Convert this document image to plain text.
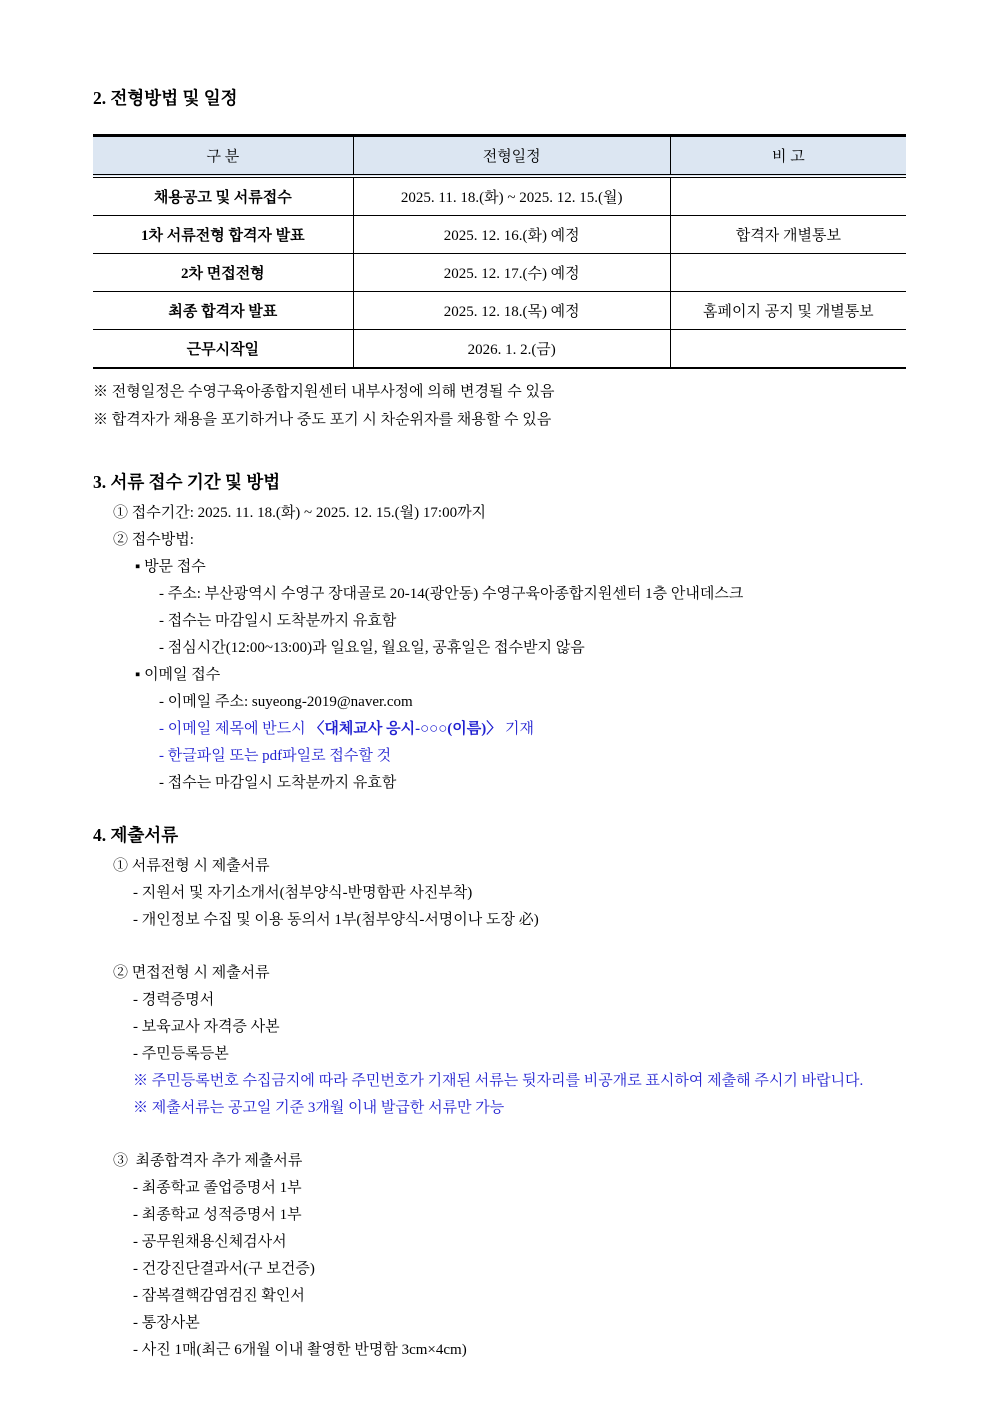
2. 전형방법 및 일정
구 분	전형일정	비 고
채용공고 및 서류접수	2025. 11. 18.(화) ~ 2025. 12. 15.(월)	
1차 서류전형 합격자 발표	2025. 12. 16.(화) 예정	합격자 개별통보
2차 면접전형	2025. 12. 17.(수) 예정	
최종 합격자 발표	2025. 12. 18.(목) 예정	홈페이지 공지 및 개별통보
근무시작일	2026. 1. 2.(금)	
※ 전형일정은 수영구육아종합지원센터 내부사정에 의해 변경될 수 있음
※ 합격자가 채용을 포기하거나 중도 포기 시 차순위자를 채용할 수 있음
3. 서류 접수 기간 및 방법
① 접수기간: 2025. 11. 18.(화) ~ 2025. 12. 15.(월) 17:00까지
② 접수방법:
▪ 방문 접수
- 주소: 부산광역시 수영구 장대골로 20-14(광안동) 수영구육아종합지원센터 1층 안내데스크
- 접수는 마감일시 도착분까지 유효함
- 점심시간(12:00~13:00)과 일요일, 월요일, 공휴일은 접수받지 않음
▪ 이메일 접수
- 이메일 주소: suyeong-2019@naver.com
- 이메일 제목에 반드시 〈대체교사 응시-○○○(이름)〉 기재
- 한글파일 또는 pdf파일로 접수할 것
- 접수는 마감일시 도착분까지 유효함
4. 제출서류
① 서류전형 시 제출서류
- 지원서 및 자기소개서(첨부양식-반명함판 사진부착)
- 개인정보 수집 및 이용 동의서 1부(첨부양식-서명이나 도장 必)
② 면접전형 시 제출서류
- 경력증명서
- 보육교사 자격증 사본
- 주민등록등본
※ 주민등록번호 수집금지에 따라 주민번호가 기재된 서류는 뒷자리를 비공개로 표시하여 제출해 주시기 바랍니다.
※ 제출서류는 공고일 기준 3개월 이내 발급한 서류만 가능
③  최종합격자 추가 제출서류
- 최종학교 졸업증명서 1부
- 최종학교 성적증명서 1부
- 공무원채용신체검사서
- 건강진단결과서(구 보건증)
- 잠복결핵감염검진 확인서
- 통장사본
- 사진 1매(최근 6개월 이내 촬영한 반명함 3cm×4cm)
